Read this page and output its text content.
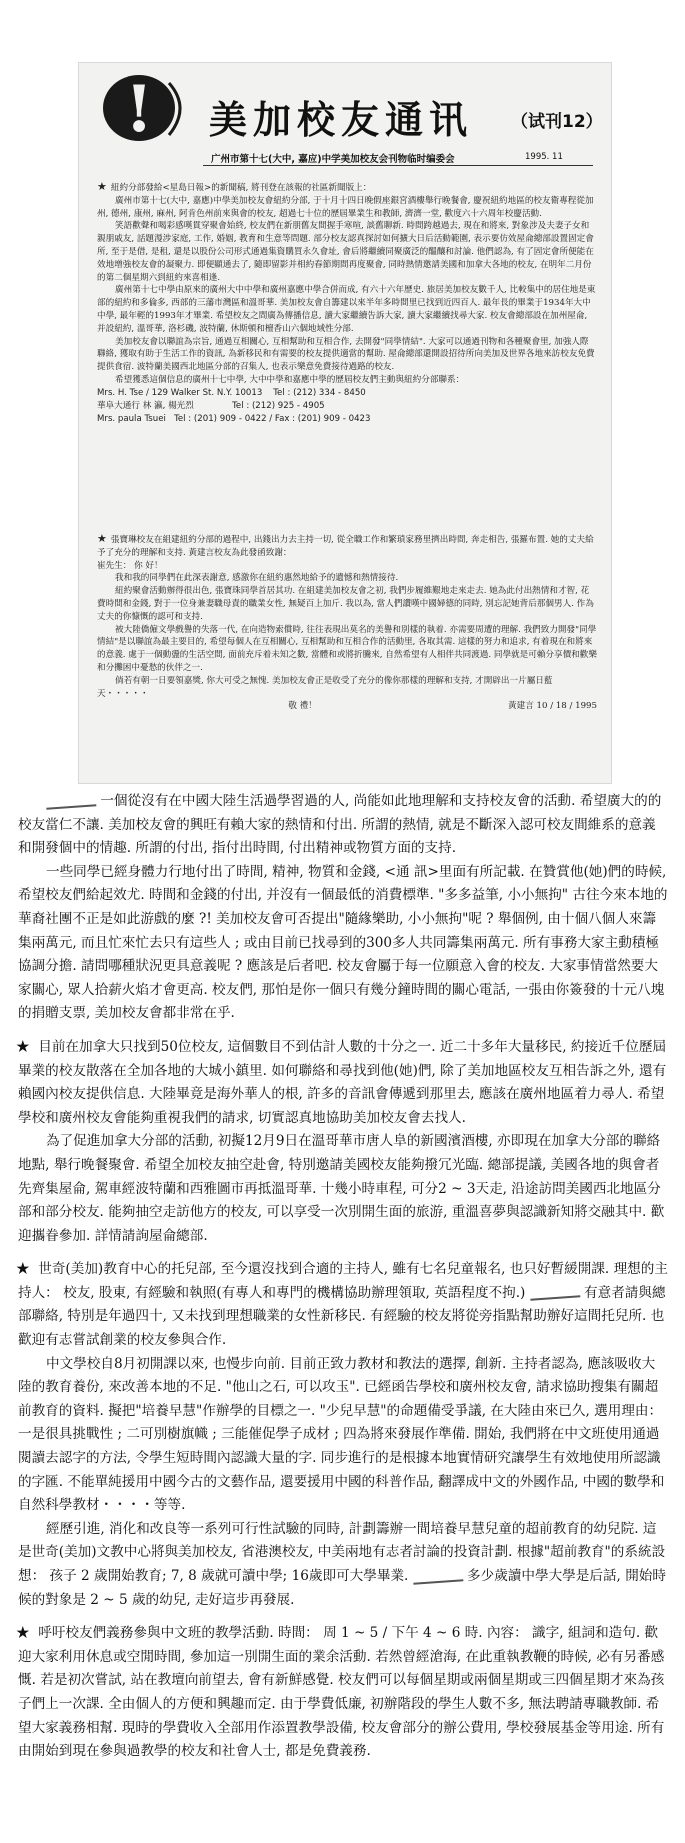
! 美加校友通讯 （试刊12）
广州市第十七(大中, 嘉应)中学美加校友会刊物临时编委会	1995. 11

★ 紐約分部發給<星島日報>的新聞稿, 將刊登在該報的社區新聞版上：

廣州市第十七(大中, 嘉應)中學美加校友會紐約分部, 于十月十四日晚假座銀宮酒樓舉行晚餐會, 慶祝紐約地區的校友衛專程從加州, 德州, 康州, 麻州, 阿肯色州前來與會的校友, 超過七十位的歷屆畢業生和教師, 濟濟一堂, 歡度六十六周年校慶活動.

笑語歡聲和喝彩感嘆貫穿聚會始終, 校友們在新朋舊友間握手寒喧, 談舊聊新. 時間跨越過去, 現在和將來, 對象涉及夫妻子女和親朋戚友, 話題漫涉家庭, 工作, 婚姻, 教育和生意等問題. 部分校友認真探討如何擴大日后活動範圍, 表示要仿效屋侖總部設置固定會所, 至于是借, 是租, 還是以股份公司形式通過集資購買永久會址, 會后將繼續同聚廣泛的醞釀和討論. 他們認為, 有了固定會所便能在效地增強校友會的凝聚力. 即便顯通去了, 隨即留影并相約春節期間再度聚會, 同時熱情邀請美國和加拿大各地的校友, 在明年二月份的第二個星期六到紐約來喜相逢.

廣州第十七中學由原來的廣州大中中學和廣州嘉應中學合併而成, 有六十六年歷史. 旅居美加校友數千人, 比較集中的居住地是東部的紐約和多倫多, 西部的三藩市灣區和溫哥華. 美加校友會自籌建以來半年多時間里已找到近四百人. 最年長的畢業于1934年大中中學, 最年輕的1993年才畢業. 希望校友之間廣為傳播信息, 讀大家繼續告訴大家, 讀大家繼續找尋大家. 校友會總部設在加州屋侖, 并設紐約, 溫哥華, 洛杉磯, 波特蘭, 休斯頓和檀香山六個地域性分部.

美加校友會以聯誼為宗旨, 通過互相關心, 互相幫助和互相合作, 去開發"同學情結". 大家可以通過刊物和各種聚會里, 加強人際聯絡, 獲取有助于生活工作的資訊, 為新移民和有需要的校友提供適當的幫助. 屋侖總部還開設招待所向美加及世界各地來訪校友免費提供食宿. 波特蘭美國西北地區分部的召集人, 也表示樂意免費接待過路的校友.

希望獲悉這個信息的廣州十七中學, 大中中學和嘉應中學的歷屆校友們主動與紐約分部聯系：

Mrs. H. Tse / 129 Walker St. N.Y. 10013 Tel : (212) 334 - 8450
華阜大通行 林 瀛, 楊光烈	Tel : (212) 925 - 4905
Mrs. paula Tsuei Tel : (201) 909 - 0422 / Fax : (201) 909 - 0423

★ 張寶琳校友在組建紐約分部的過程中, 出錢出力去主持一切, 從全職工作和繁瑣家務里擠出時間, 奔走相告, 張羅布置. 她的丈夫給予了充分的理解和支持. 黃建言校友為此發函致謝：

崔先生： 你 好！

我和我的同學們在此深表謝意, 感激你在紐約惠然地給予的遺憾和熱情接待.

紐約聚會活動辦得很出色, 張寶珠同學首居其功. 在組建美加校友會之初, 我們步履維艱地走來走去. 她為此付出熱情和才智, 花費時間和金錢, 對于一位身兼妻職母責的職業女性, 無疑百上加斤. 我以為, 當人們讚嘆中國婦德的同時, 別忘記她背后那個男人. 作為丈夫的你慷慨的認可和支持.

被大陸僑僱文學戲譽的失落一代, 在向造物索償時, 往往表現出莫名的美譽和別樣的執着. 亦需要周遭的理解. 我們致力開發"同學情結"是以聯誼為最主要目的, 希望每個人在互相關心, 互相幫助和互相合作的活動里, 各取其需. 這樣的努力和追求, 有着現在和將來的意義. 處于一個動盪的生活空間, 面前充斥着未知之數, 當體和或將折騰來, 自然希望有人相伴共同渡過. 同學就是可賴分享價和歡樂和分攤困中憂愁的伙伴之一.

倘若有朝一日要領嘉獎, 你大可受之無愧. 美加校友會正是收受了充分的像你那樣的理解和支持, 才開辟出一片屬日藍天・・・・・

敬 禮！	黃建言 10 / 18 / 1995

一個從沒有在中國大陸生活過學習過的人, 尚能如此地理解和支持校友會的活動. 希望廣大的的校友當仁不讓. 美加校友會的興旺有賴大家的熱情和付出. 所謂的熱情, 就是不斷深入認可校友間維系的意義和開發個中的情趣. 所謂的付出, 指付出時間, 付出精神或物質方面的支持.

一些同學已經身體力行地付出了時間, 精神, 物質和金錢, <通 訊>里面有所記載. 在贊賞他(她)們的時候, 希望校友們給起效尤. 時間和金錢的付出, 并沒有一個最低的消費標準. "多多益筆, 小小無拘" 古往今來本地的華裔社團不正是如此游戲的麼 ?! 美加校友會可否提出"隨緣樂助, 小小無拘"呢 ? 舉個例, 由十個八個人來籌集兩萬元, 而且忙來忙去只有這些人 ; 或由目前已找尋到的300多人共同籌集兩萬元. 所有事務大家主動積極協調分擔. 請問哪種狀況更具意義呢 ? 應該是后者吧. 校友會屬于每一位願意入會的校友. 大家事情當然要大家關心, 眾人拾薪火焰才會更高. 校友們, 那怕是你一個只有幾分鐘時間的關心電話, 一張由你簽發的十元八塊的捐贈支票, 美加校友會都非常在乎.

★ 目前在加拿大只找到50位校友, 這個數目不到估計人數的十分之一. 近二十多年大量移民, 約接近千位歷屆畢業的校友散落在全加各地的大城小鎮里. 如何聯絡和尋找到他(她)們, 除了美加地區校友互相告訴之外, 還有賴國內校友提供信息. 大陸畢竟是海外華人的根, 許多的音訊會傳遞到那里去, 應該在廣州地區着力尋人. 希望學校和廣州校友會能夠重視我們的請求, 切實認真地協助美加校友會去找人.

為了促進加拿大分部的活動, 初擬12月9日在溫哥華市唐人阜的新國濱酒樓, 亦即現在加拿大分部的聯絡地點, 舉行晚餐聚會. 希望全加校友抽空赴會, 特別邀請美國校友能夠撥冗光臨. 總部提議, 美國各地的與會者先齊集屋侖, 駕車經波特蘭和西雅圖市再抵溫哥華. 十幾小時車程, 可分2 ~ 3天走, 沿途訪問美國西北地區分部和部分校友. 能夠抽空走訪他方的校友, 可以享受一次別開生面的旅游, 重溫喜夢與認識新知將交融其中. 歡迎攜眷參加. 詳情請詢屋侖總部.

★ 世奇(美加)教育中心的托兒部, 至今還沒找到合適的主持人, 雖有七名兒童報名, 也只好暫緩開課. 理想的主持人： 校友, 股東, 有經驗和執照(有專人和專門的機構協助辦理領取, 英語程度不拘.)	有意者請與總部聯絡, 特別是年過四十, 又未找到理想職業的女性新移民. 有經驗的校友將從旁指點幫助辦好這間托兒所. 也歡迎有志嘗試創業的校友參與合作.

中文學校自8月初開課以來, 也慢步向前. 目前正致力教材和教法的選擇, 創新. 主持者認為, 應該吸收大陸的教育養份, 來改善本地的不足. "他山之石, 可以攻玉". 已經函告學校和廣州校友會, 請求協助搜集有關超前教育的資料. 擬把"培養早慧"作辦學的目標之一. "少兒早慧"的命題備受爭議, 在大陸由來已久, 選用理由：一是很具挑戰性 ; 二可別樹旗幟 ; 三能催促學子成材 ; 四為將來發展作準備. 開始, 我們將在中文班使用通過閱讀去認字的方法, 令學生短時間內認識大量的字. 同步進行的是根據本地實情研究讓學生有效地使用所認識的字匯. 不能單純援用中國今古的文藝作品, 還要援用中國的科普作品, 翻譯成中文的外國作品, 中國的數學和自然科學教材・・・・等等.

經歷引進, 消化和改良等一系列可行性試驗的同時, 計劃籌辦一間培養早慧兒童的超前教育的幼兒院. 這是世奇(美加)文教中心將與美加校友, 省港澳校友, 中美兩地有志者討論的投資計劃. 根據"超前教育"的系統設想： 孩子 2 歲開始教育; 7, 8 歲就可讀中學; 16歲即可大學畢業.	多少歲讀中學大學是后話, 開始時候的對象是 2 ~ 5 歲的幼兒, 走好這步再發展.

★ 呼吁校友們義務參與中文班的教學活動. 時間： 周 1 ~ 5 / 下午 4 ~ 6 時. 內容： 識字, 組詞和造句. 歡迎大家利用休息或空閒時間, 參加這一別開生面的業余活動. 若然曾經滄海, 在此重執教鞭的時候, 必有另番感慨. 若是初次嘗試, 站在教壇向前望去, 會有新鮮感覺. 校友們可以每個星期或兩個星期或三四個星期才來為孩子們上一次課. 全由個人的方便和興趣而定. 由于學費低廉, 初辦階段的學生人數不多, 無法聘請專職教師. 希望大家義務相幫. 現時的學費收入全部用作添置教學設備, 校友會部分的辦公費用, 學校發展基金等用途. 所有由開始到現在參與過教學的校友和社會人士, 都是免費義務.
